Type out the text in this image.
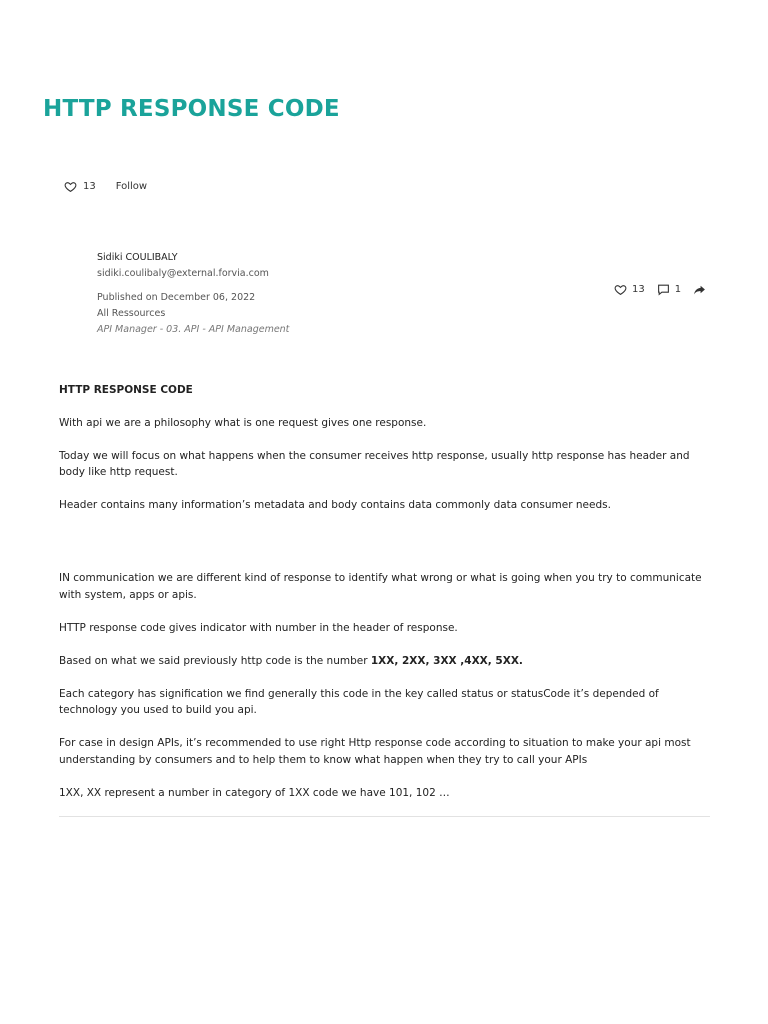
HTTP RESPONSE CODE
13 Follow
Sidiki COULIBALY
sidiki.coulibaly@external.forvia.com
Published on December 06, 2022
All Ressources
API Manager - 03. API - API Management
13	1

HTTP RESPONSE CODE

With api we are a philosophy what is one request gives one response.

Today we will focus on what happens when the consumer receives http response, usually http response has header and body like http request.

Header contains many information’s metadata and body contains data commonly data consumer needs.

IN communication we are different kind of response to identify what wrong or what is going when you try to communicate with system, apps or apis.

HTTP response code gives indicator with number in the header of response.

Based on what we said previously http code is the number 1XX, 2XX, 3XX ,4XX, 5XX.

Each category has signification we find generally this code in the key called status or statusCode it’s depended of technology you used to build you api.

For case in design APIs, it’s recommended to use right Http response code according to situation to make your api most understanding by consumers and to help them to know what happen when they try to call your APIs

1XX, XX represent a number in category of 1XX code we have 101, 102 …
